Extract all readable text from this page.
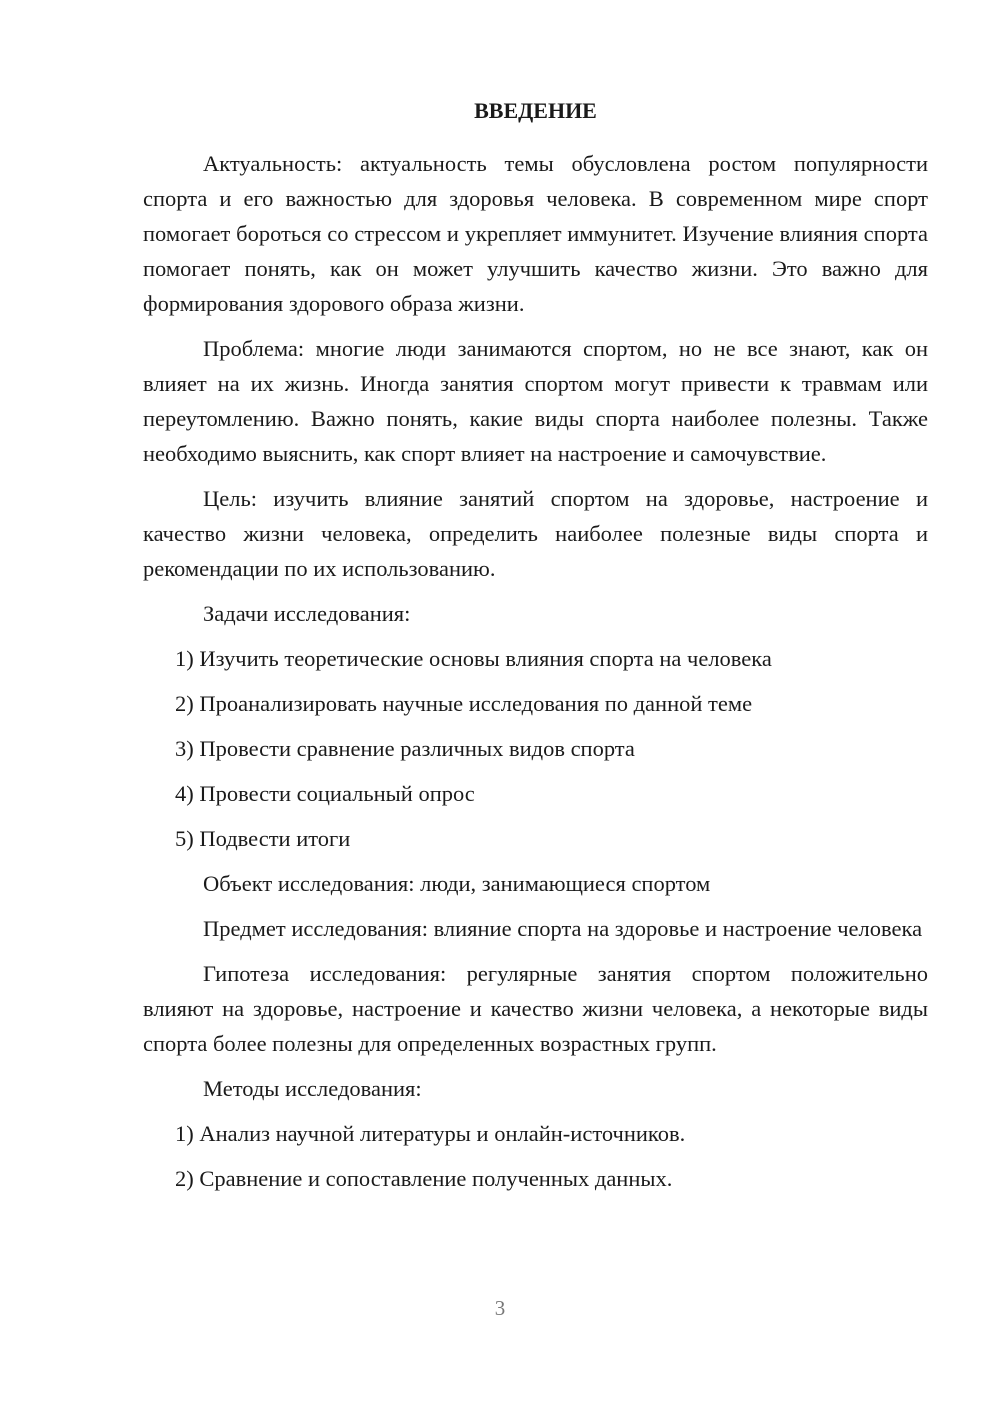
ВВЕДЕНИЕ

Актуальность: актуальность темы обусловлена ростом популярности спорта и его важностью для здоровья человека. В современном мире спорт помогает бороться со стрессом и укрепляет иммунитет. Изучение влияния спорта помогает понять, как он может улучшить качество жизни. Это важно для формирования здорового образа жизни.

Проблема: многие люди занимаются спортом, но не все знают, как он влияет на их жизнь. Иногда занятия спортом могут привести к травмам или переутомлению. Важно понять, какие виды спорта наиболее полезны. Также необходимо выяснить, как спорт влияет на настроение и самочувствие.

Цель: изучить влияние занятий спортом на здоровье, настроение и качество жизни человека, определить наиболее полезные виды спорта и рекомендации по их использованию.

Задачи исследования:

1) Изучить теоретические основы влияния спорта на человека

2) Проанализировать научные исследования по данной теме

3) Провести сравнение различных видов спорта

4) Провести социальный опрос

5) Подвести итоги

Объект исследования: люди, занимающиеся спортом

Предмет исследования: влияние спорта на здоровье и настроение человека

Гипотеза исследования: регулярные занятия спортом положительно влияют на здоровье, настроение и качество жизни человека, а некоторые виды спорта более полезны для определенных возрастных групп.

Методы исследования:

1) Анализ научной литературы и онлайн-источников.

2) Сравнение и сопоставление полученных данных.

3
